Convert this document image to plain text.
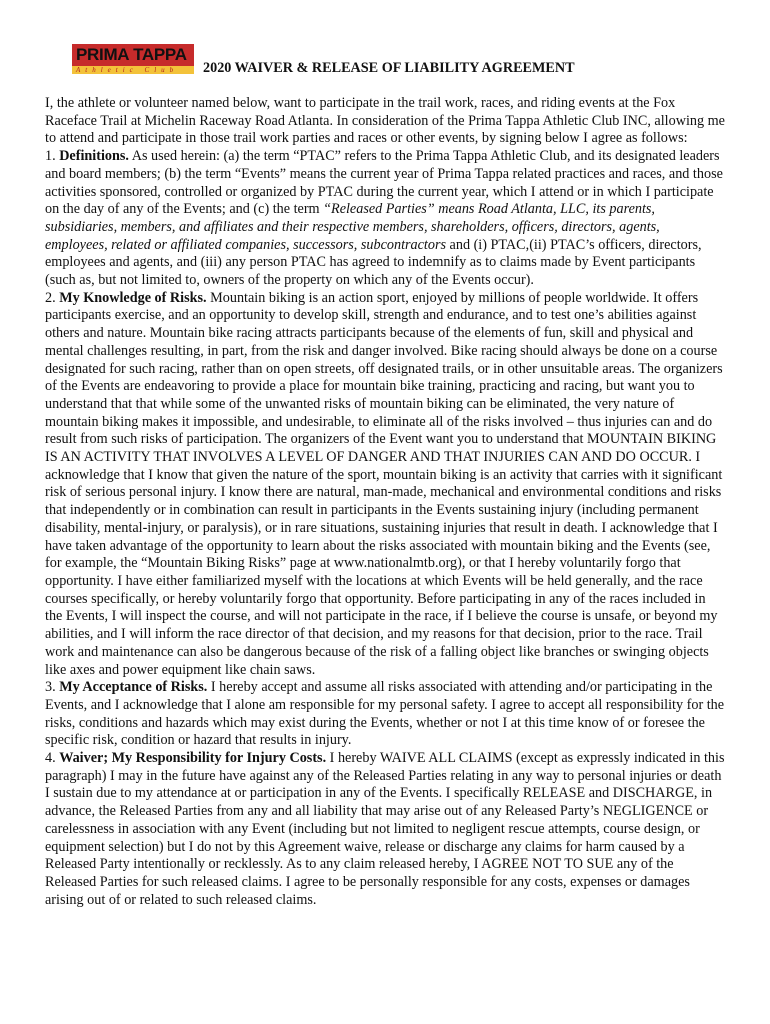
PRIMA TAPPA
Athletic Club	2020 WAIVER & RELEASE OF LIABILITY AGREEMENT

I, the athlete or volunteer named below, want to participate in the trail work, races, and riding events at the Fox Raceface Trail at Michelin Raceway Road Atlanta. In consideration of the Prima Tappa Athletic Club INC, allowing me to attend and participate in those trail work parties and races or other events, by signing below I agree as follows:

1. Definitions. As used herein: (a) the term “PTAC” refers to the Prima Tappa Athletic Club, and its designated leaders and board members; (b) the term “Events” means the current year of Prima Tappa related practices and races, and those activities sponsored, controlled or organized by PTAC during the current year, which I attend or in which I participate on the day of any of the Events; and (c) the term “Released Parties” means Road Atlanta, LLC, its parents, subsidiaries, members, and affiliates and their respective members, shareholders, officers, directors, agents, employees, related or affiliated companies, successors, subcontractors and (i) PTAC,(ii) PTAC’s officers, directors, employees and agents, and (iii) any person PTAC has agreed to indemnify as to claims made by Event participants (such as, but not limited to, owners of the property on which any of the Events occur).

2. My Knowledge of Risks. Mountain biking is an action sport, enjoyed by millions of people worldwide. It offers participants exercise, and an opportunity to develop skill, strength and endurance, and to test one’s abilities against others and nature. Mountain bike racing attracts participants because of the elements of fun, skill and physical and mental challenges resulting, in part, from the risk and danger involved. Bike racing should always be done on a course designated for such racing, rather than on open streets, off designated trails, or in other unsuitable areas. The organizers of the Events are endeavoring to provide a place for mountain bike training, practicing and racing, but want you to understand that that while some of the unwanted risks of mountain biking can be eliminated, the very nature of mountain biking makes it impossible, and undesirable, to eliminate all of the risks involved – thus injuries can and do result from such risks of participation. The organizers of the Event want you to understand that MOUNTAIN BIKING IS AN ACTIVITY THAT INVOLVES A LEVEL OF DANGER AND THAT INJURIES CAN AND DO OCCUR. I acknowledge that I know that given the nature of the sport, mountain biking is an activity that carries with it significant risk of serious personal injury. I know there are natural, man-made, mechanical and environmental conditions and risks that independently or in combination can result in participants in the Events sustaining injury (including permanent disability, mental-injury, or paralysis), or in rare situations, sustaining injuries that result in death. I acknowledge that I have taken advantage of the opportunity to learn about the risks associated with mountain biking and the Events (see, for example, the “Mountain Biking Risks” page at www.nationalmtb.org), or that I hereby voluntarily forgo that opportunity. I have either familiarized myself with the locations at which Events will be held generally, and the race courses specifically, or hereby voluntarily forgo that opportunity. Before participating in any of the races included in the Events, I will inspect the course, and will not participate in the race, if I believe the course is unsafe, or beyond my abilities, and I will inform the race director of that decision, and my reasons for that decision, prior to the race. Trail work and maintenance can also be dangerous because of the risk of a falling object like branches or swinging objects like axes and power equipment like chain saws.

3. My Acceptance of Risks. I hereby accept and assume all risks associated with attending and/or participating in the Events, and I acknowledge that I alone am responsible for my personal safety. I agree to accept all responsibility for the risks, conditions and hazards which may exist during the Events, whether or not I at this time know of or foresee the specific risk, condition or hazard that results in injury.

4. Waiver; My Responsibility for Injury Costs. I hereby WAIVE ALL CLAIMS (except as expressly indicated in this paragraph) I may in the future have against any of the Released Parties relating in any way to personal injuries or death I sustain due to my attendance at or participation in any of the Events. I specifically RELEASE and DISCHARGE, in advance, the Released Parties from any and all liability that may arise out of any Released Party’s NEGLIGENCE or carelessness in association with any Event (including but not limited to negligent rescue attempts, course design, or equipment selection) but I do not by this Agreement waive, release or discharge any claims for harm caused by a Released Party intentionally or recklessly. As to any claim released hereby, I AGREE NOT TO SUE any of the Released Parties for such released claims. I agree to be personally responsible for any costs, expenses or damages arising out of or related to such released claims.
